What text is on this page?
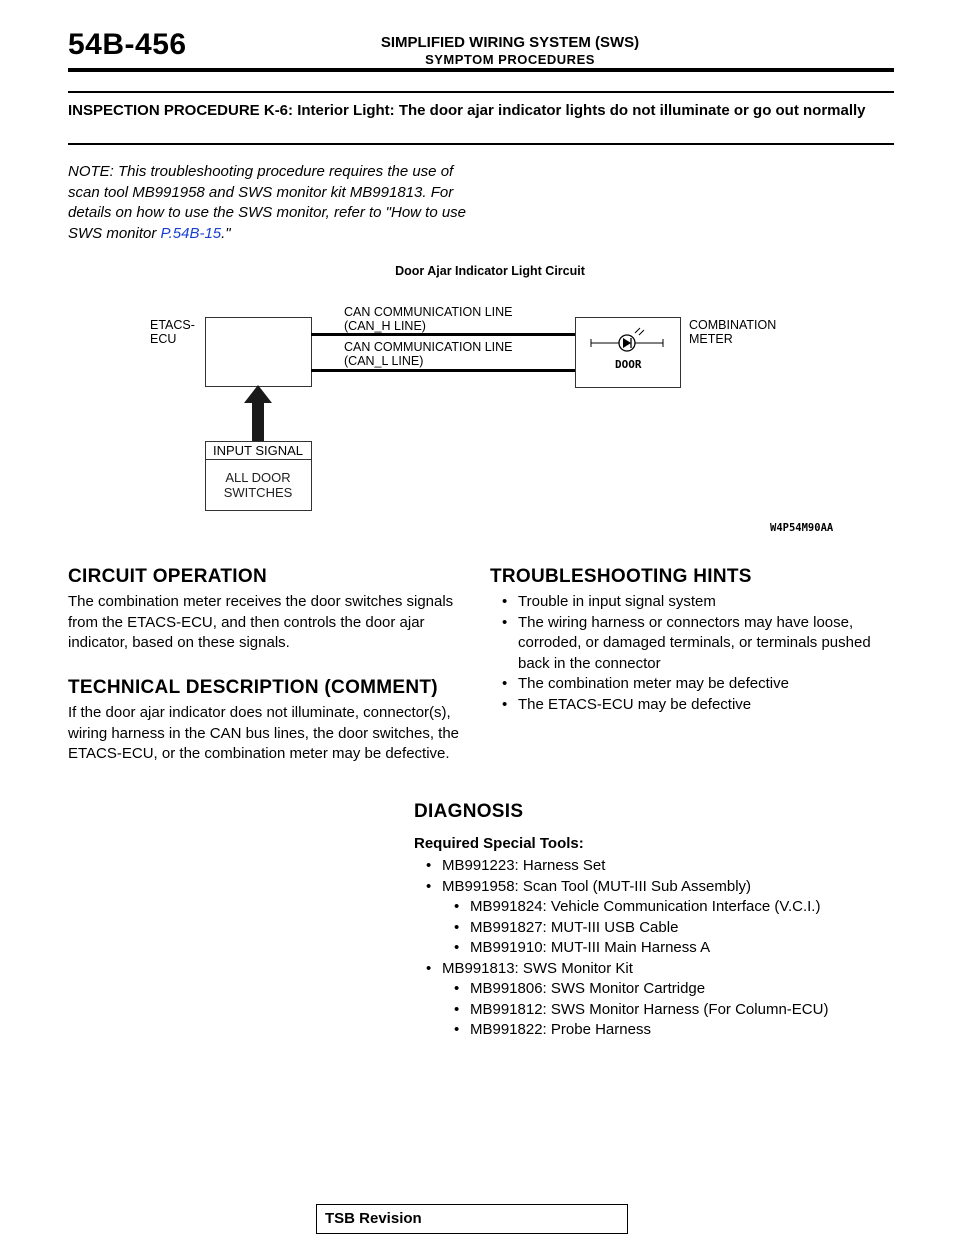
54B-456	SIMPLIFIED WIRING SYSTEM (SWS)
SYMPTOM PROCEDURES
INSPECTION PROCEDURE K-6: Interior Light: The door ajar indicator lights do not illuminate or go out normally
NOTE: This troubleshooting procedure requires the use of scan tool MB991958 and SWS monitor kit MB991813. For details on how to use the SWS monitor, refer to "How to use SWS monitor P.54B-15."
Door Ajar Indicator Light Circuit
ETACS-
ECU
CAN COMMUNICATION LINE
(CAN_H LINE)
CAN COMMUNICATION LINE
(CAN_L LINE)
COMBINATION
METER
DOOR
INPUT SIGNAL
ALL DOOR
SWITCHES
W4P54M90AA
CIRCUIT OPERATION
The combination meter receives the door switches signals from the ETACS-ECU, and then controls the door ajar indicator, based on these signals.
TECHNICAL DESCRIPTION (COMMENT)
If the door ajar indicator does not illuminate, connector(s), wiring harness in the CAN bus lines, the door switches, the ETACS-ECU, or the combination meter may be defective.
TROUBLESHOOTING HINTS
• Trouble in input signal system
• The wiring harness or connectors may have loose, corroded, or damaged terminals, or terminals pushed back in the connector
• The combination meter may be defective
• The ETACS-ECU may be defective
DIAGNOSIS
Required Special Tools:
• MB991223: Harness Set
• MB991958: Scan Tool (MUT-III Sub Assembly)
• MB991824: Vehicle Communication Interface (V.C.I.)
• MB991827: MUT-III USB Cable
• MB991910: MUT-III Main Harness A
• MB991813: SWS Monitor Kit
• MB991806: SWS Monitor Cartridge
• MB991812: SWS Monitor Harness (For Column-ECU)
• MB991822: Probe Harness
TSB Revision
